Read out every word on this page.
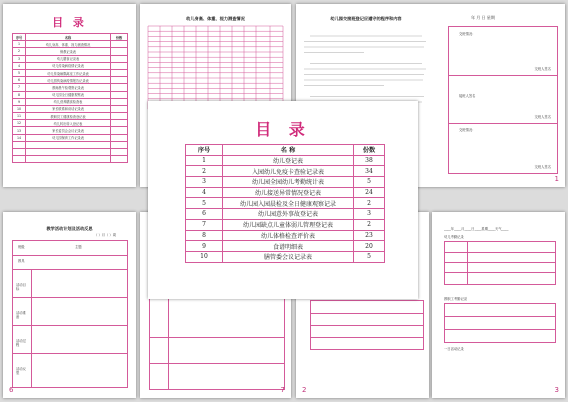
目 录
序号	名称	份数
1	幼儿身高、体重、视力测查情况	
2	保教记录表	
3	幼儿膳食记录表	
4	幼儿传染病疫情记录表	
5	幼儿传染病隔离室工作记录表	
6	幼儿园传染病疫情报告记录表	
7	教师晨午检观察记录表	
8	幼儿园全日健康观察表	
9	幼儿营养膳食检查表	
10	家长联系和谈话记录表	
11	教职员工健康检查登记表	
12	幼儿转出转入登记表	
13	家长委员会会议记录表	
14	幼儿园保育工作记录表	

幼儿身高、体重、视力测查情况	幼儿园交接班登记应遵守的程序和内容	年 月 日 星期
交班情况：
交班人签名
接班人签名
交班人签名
交班情况：
交班人签名
1
教学活动计划及活动反思
（ ）月（ ）周
班级	主题
教具
活动目标
活动准备
活动过程
活动反思
6	7 2
____年____月____日____星期____天气____
幼儿考勤记录
教职工考勤记录
一日活动记录
3
目 录
序号	名 称	份数
1	幼儿登记表	38
2	入园幼儿免疫卡查验记录表	34
3	幼儿园全园幼儿考勤统计表	5
4	幼儿接送异常情况登记表	24
5	幼儿园入园晨检及全日健康观察记录	2
6	幼儿园意外事故登记表	3
7	幼儿园缺点儿童体弱儿管理登记表	2
8	幼儿体格检查评价表	23
9	食谱明细表	20
10	膳管委会议记录表	5
